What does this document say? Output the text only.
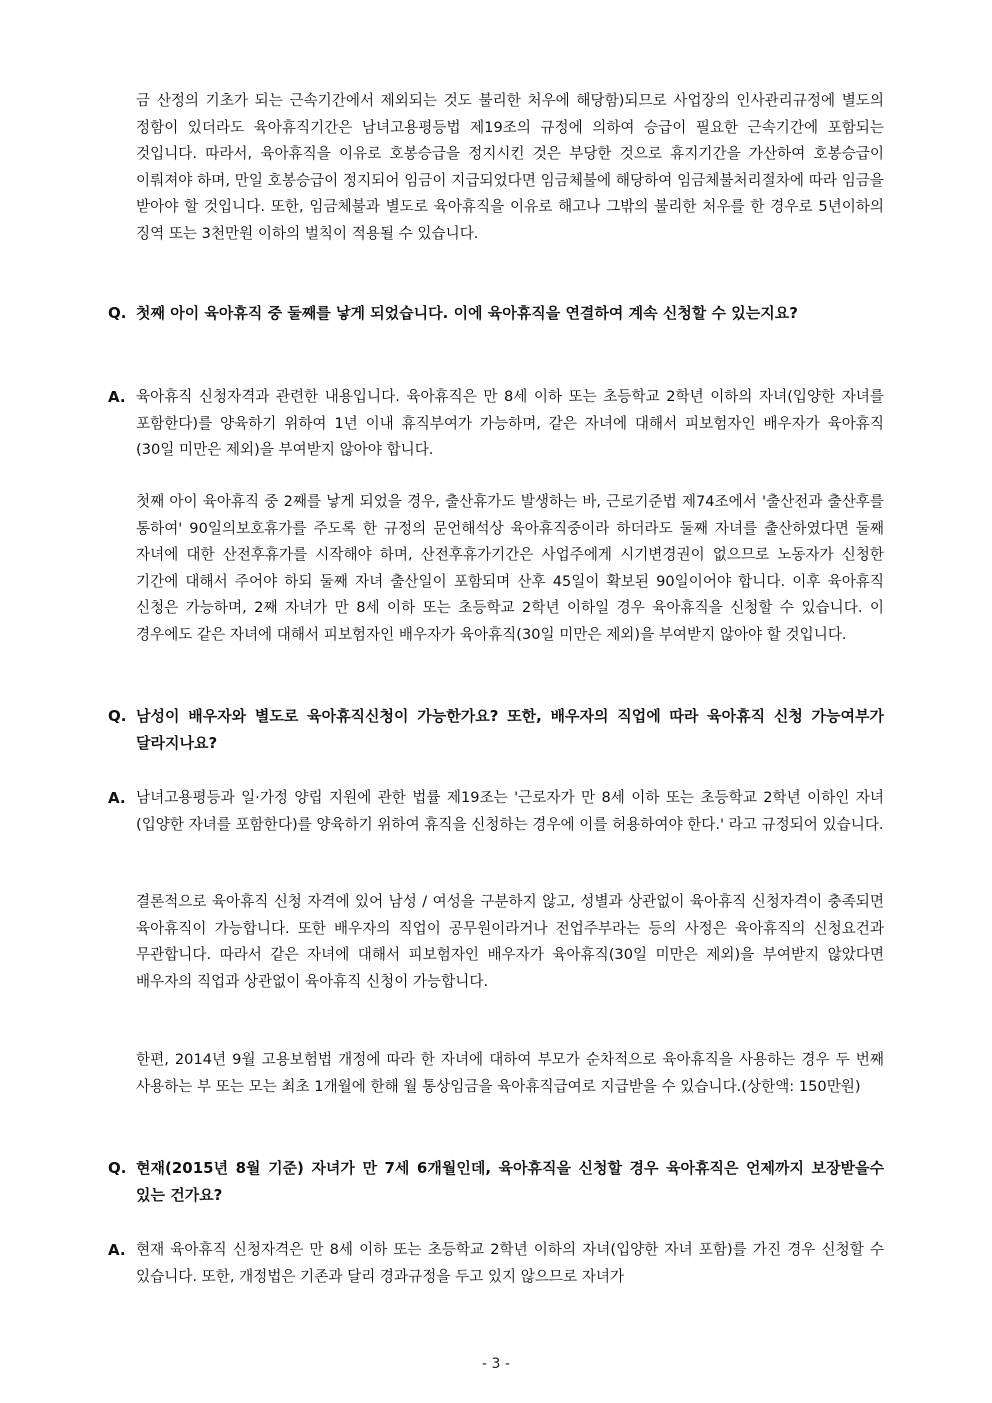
금 산정의 기초가 되는 근속기간에서 제외되는 것도 불리한 처우에 해당함)되므로 사업장의 인사관리규정에 별도의 정함이 있더라도 육아휴직기간은 남녀고용평등법 제19조의 규정에 의하여 승급이 필요한 근속기간에 포함되는 것입니다. 따라서, 육아휴직을 이유로 호봉승급을 정지시킨 것은 부당한 것으로 휴지기간을 가산하여 호봉승급이 이뤄져야 하며, 만일 호봉승급이 정지되어 임금이 지급되었다면 임금체불에 해당하여 임금체불처리절차에 따라 임금을 받아야 할 것입니다. 또한, 임금체불과 별도로 육아휴직을 이유로 해고나 그밖의 불리한 처우를 한 경우로 5년이하의 징역 또는 3천만원 이하의 벌칙이 적용될 수 있습니다.

Q. 첫째 아이 육아휴직 중 둘째를 낳게 되었습니다. 이에 육아휴직을 연결하여 계속 신청할 수 있는지요?
A. 육아휴직 신청자격과 관련한 내용입니다. 육아휴직은 만 8세 이하 또는 초등학교 2학년 이하의 자녀(입양한 자녀를 포함한다)를 양육하기 위하여 1년 이내 휴직부여가 가능하며, 같은 자녀에 대해서 피보험자인 배우자가 육아휴직(30일 미만은 제외)을 부여받지 않아야 합니다.

첫째 아이 육아휴직 중 2째를 낳게 되었을 경우, 출산휴가도 발생하는 바, 근로기준법 제74조에서 '출산전과 출산후를 통하여' 90일의보호휴가를 주도록 한 규정의 문언해석상 육아휴직중이라 하더라도 둘째 자녀를 출산하였다면 둘째 자녀에 대한 산전후휴가를 시작해야 하며, 산전후휴가기간은 사업주에게 시기변경권이 없으므로 노동자가 신청한 기간에 대해서 주어야 하되 둘째 자녀 출산일이 포함되며 산후 45일이 확보된 90일이어야 합니다. 이후 육아휴직 신청은 가능하며, 2째 자녀가 만 8세 이하 또는 초등학교 2학년 이하일 경우 육아휴직을 신청할 수 있습니다. 이 경우에도 같은 자녀에 대해서 피보험자인 배우자가 육아휴직(30일 미만은 제외)을 부여받지 않아야 할 것입니다.

Q. 남성이 배우자와 별도로 육아휴직신청이 가능한가요? 또한, 배우자의 직업에 따라 육아휴직 신청 가능여부가 달라지나요?
A. 남녀고용평등과 일·가정 양립 지원에 관한 법률 제19조는 '근로자가 만 8세 이하 또는 초등학교 2학년 이하인 자녀(입양한 자녀를 포함한다)를 양육하기 위하여 휴직을 신청하는 경우에 이를 허용하여야 한다.' 라고 규정되어 있습니다.

결론적으로 육아휴직 신청 자격에 있어 남성 / 여성을 구분하지 않고, 성별과 상관없이 육아휴직 신청자격이 충족되면 육아휴직이 가능합니다. 또한 배우자의 직업이 공무원이라거나 전업주부라는 등의 사정은 육아휴직의 신청요건과 무관합니다. 따라서 같은 자녀에 대해서 피보험자인 배우자가 육아휴직(30일 미만은 제외)을 부여받지 않았다면 배우자의 직업과 상관없이 육아휴직 신청이 가능합니다.

한편, 2014년 9월 고용보험법 개정에 따라 한 자녀에 대하여 부모가 순차적으로 육아휴직을 사용하는 경우 두 번째 사용하는 부 또는 모는 최초 1개월에 한해 월 통상임금을 육아휴직급여로 지급받을 수 있습니다.(상한액: 150만원)

Q. 현재(2015년 8월 기준) 자녀가 만 7세 6개월인데, 육아휴직을 신청할 경우 육아휴직은 언제까지 보장받을수 있는 건가요?
A. 현재 육아휴직 신청자격은 만 8세 이하 또는 초등학교 2학년 이하의 자녀(입양한 자녀 포함)를 가진 경우 신청할 수 있습니다. 또한, 개정법은 기존과 달리 경과규정을 두고 있지 않으므로 자녀가
- 3 -
